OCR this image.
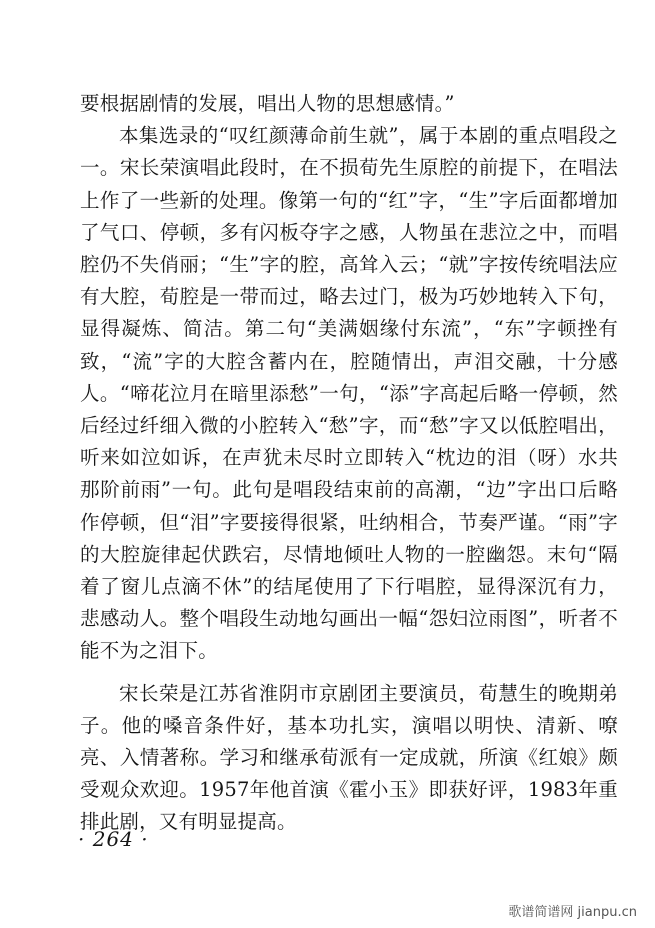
要根据剧情的发展，唱出人物的思想感情。”

本集选录的“叹红颜薄命前生就”，属于本剧的重点唱段之一。宋长荣演唱此段时，在不损荀先生原腔的前提下，在唱法上作了一些新的处理。像第一句的“红”字，“生”字后面都增加了气口、停顿，多有闪板夺字之感，人物虽在悲泣之中，而唱腔仍不失俏丽；“生”字的腔，高耸入云；“就”字按传统唱法应有大腔，荀腔是一带而过，略去过门，极为巧妙地转入下句，显得凝炼、简洁。第二句“美满姻缘付东流”，“东”字顿挫有致，“流”字的大腔含蓄内在，腔随情出，声泪交融，十分感人。“啼花泣月在暗里添愁”一句，“添”字高起后略一停顿，然后经过纤细入微的小腔转入“愁”字，而“愁”字又以低腔唱出，听来如泣如诉，在声犹未尽时立即转入“枕边的泪（呀）水共那阶前雨”一句。此句是唱段结束前的高潮，“边”字出口后略作停顿，但“泪”字要接得很紧，吐纳相合，节奏严谨。“雨”字的大腔旋律起伏跌宕，尽情地倾吐人物的一腔幽怨。末句“隔着了窗儿点滴不休”的结尾使用了下行唱腔，显得深沉有力，悲感动人。整个唱段生动地勾画出一幅“怨妇泣雨图”，听者不能不为之泪下。

宋长荣是江苏省淮阴市京剧团主要演员，荀慧生的晚期弟子。他的嗓音条件好，基本功扎实，演唱以明快、清新、嘹亮、入情著称。学习和继承荀派有一定成就，所演《红娘》颇受观众欢迎。1957年他首演《霍小玉》即获好评，1983年重排此剧，又有明显提高。

· 264 ·
歌谱简谱网 jianpu.cn
